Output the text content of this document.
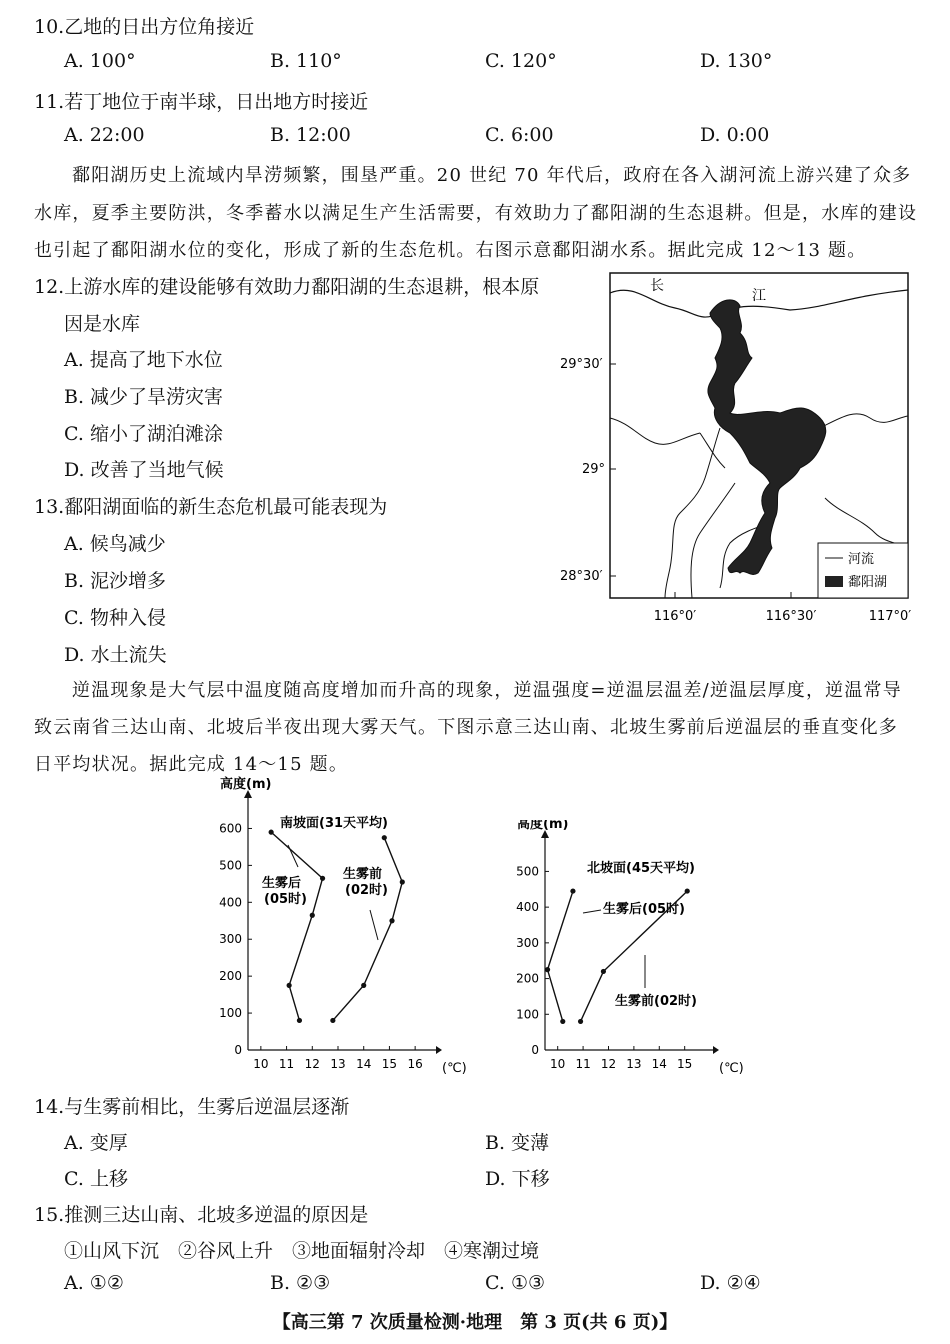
10.乙地的日出方位角接近
A. 100°	B. 110°	C. 120°	D. 130°
11.若丁地位于南半球，日出地方时接近
A. 22:00	B. 12:00	C. 6:00	D. 0:00
鄱阳湖历史上流域内旱涝频繁，围垦严重。20 世纪 70 年代后，政府在各入湖河流上游兴建了众多
水库，夏季主要防洪，冬季蓄水以满足生产生活需要，有效助力了鄱阳湖的生态退耕。但是，水库的建设
也引起了鄱阳湖水位的变化，形成了新的生态危机。右图示意鄱阳湖水系。据此完成 12～13 题。
12.上游水库的建设能够有效助力鄱阳湖的生态退耕，根本原
因是水库
A. 提高了地下水位
B. 减少了旱涝灾害
C. 缩小了湖泊滩涂
D. 改善了当地气候
13.鄱阳湖面临的新生态危机最可能表现为
A. 候鸟减少
B. 泥沙增多
C. 物种入侵
D. 水土流失
长
江
29°30′
29°
28°30′
116°0′	116°30′	117°0′
河流
鄱阳湖
逆温现象是大气层中温度随高度增加而升高的现象，逆温强度=逆温层温差/逆温层厚度，逆温常导
致云南省三达山南、北坡后半夜出现大雾天气。下图示意三达山南、北坡生雾前后逆温层的垂直变化多
日平均状况。据此完成 14～15 题。
高度(m)
(℃)
南坡面(31天平均)
10 11 12 13 14 15 16
0
100
200
300
400
500
600
生雾后
(05时)
生雾前
(02时)
高度(m)
(℃)
北坡面(45天平均)
10 11 12 13 14 15
0
100
200
300
400
500
生雾后(05时)
生雾前(02时)
14.与生雾前相比，生雾后逆温层逐渐
A. 变厚	B. 变薄
C. 上移	D. 下移
15.推测三达山南、北坡多逆温的原因是
①山风下沉　②谷风上升　③地面辐射冷却　④寒潮过境
A. ①②	B. ②③	C. ①③	D. ②④
【高三第 7 次质量检测·地理　第 3 页(共 6 页)】
